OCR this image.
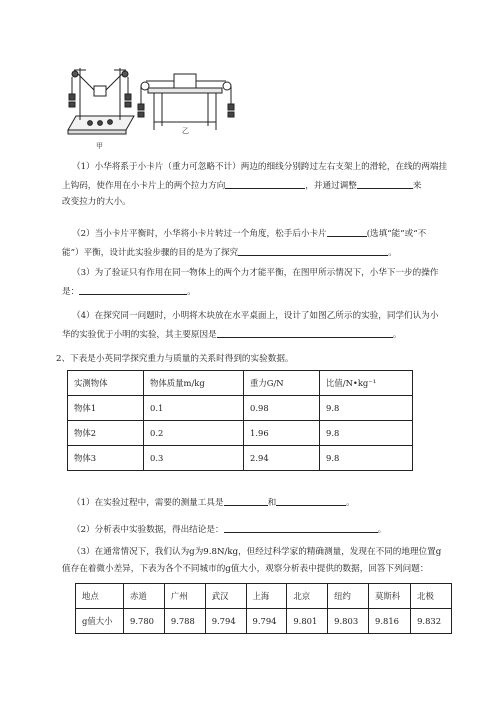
甲
乙
（1）小华将系于小卡片（重力可忽略不计）两边的细线分别跨过左右支架上的滑轮，在线的两端挂
上钩码，使作用在小卡片上的两个拉力方向	，并通过调整	来
改变拉力的大小。
（2）当小卡片平衡时，小华将小卡片转过一个角度，松手后小卡片	(选填“能”或“不
能”）平衡，设计此实验步骤的目的是为了探究	。
（3）为了验证只有作用在同一物体上的两个力才能平衡，在图甲所示情况下，小华下一步的操作
是：	。
（4）在探究同一问题时，小明将木块放在水平桌面上，设计了如图乙所示的实验，同学们认为小
华的实验优于小明的实验，其主要原因是	。
2、下表是小英同学探究重力与质量的关系时得到的实验数据。
实测物体	物体质量m/kg	重力G/N	比值/N•kg⁻¹
物体1	0.1	0.98	9.8
物体2	0.2	1.96	9.8
物体3	0.3	2.94	9.8
（1）在实验过程中，需要的测量工具是	和	。
（2）分析表中实验数据，得出结论是：	。
（3）在通常情况下，我们认为g为9.8N/kg，但经过科学家的精确测量，发现在不同的地理位置g
值存在着微小差异，下表为各个不同城市的g值大小，观察分析表中提供的数据，回答下列问题：
地点	赤道	广州	武汉	上海	北京	纽约	莫斯科	北极
g值大小	9.780	9.788	9.794	9.794	9.801	9.803	9.816	9.832
